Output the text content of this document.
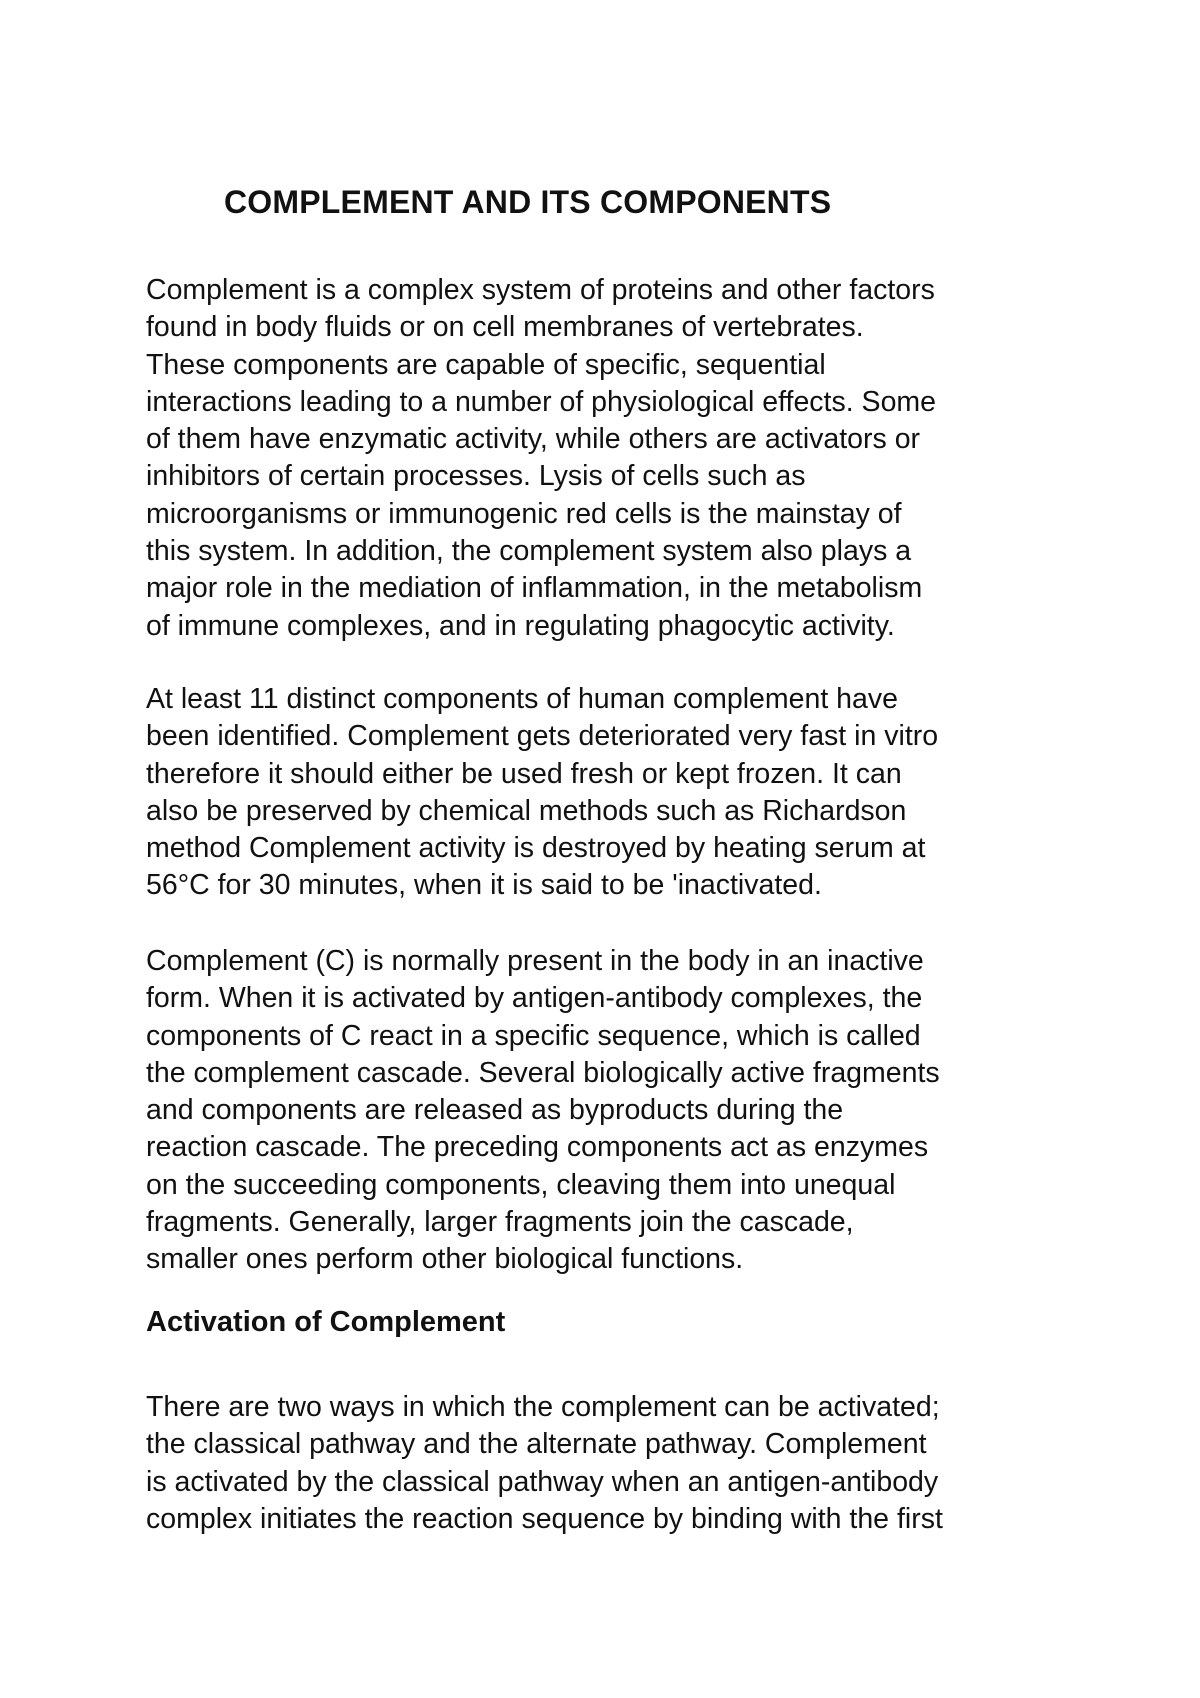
COMPLEMENT AND ITS COMPONENTS

Complement is a complex system of proteins and other factors
found in body fluids or on cell membranes of vertebrates.
These components are capable of specific, sequential
interactions leading to a number of physiological effects. Some
of them have enzymatic activity, while others are activators or
inhibitors of certain processes. Lysis of cells such as
microorganisms or immunogenic red cells is the mainstay of
this system. In addition, the complement system also plays a
major role in the mediation of inflammation, in the metabolism
of immune complexes, and in regulating phagocytic activity.

At least 11 distinct components of human complement have
been identified. Complement gets deteriorated very fast in vitro
therefore it should either be used fresh or kept frozen. It can
also be preserved by chemical methods such as Richardson
method Complement activity is destroyed by heating serum at
56°C for 30 minutes, when it is said to be 'inactivated.

Complement (C) is normally present in the body in an inactive
form. When it is activated by antigen-antibody complexes, the
components of C react in a specific sequence, which is called
the complement cascade. Several biologically active fragments
and components are released as byproducts during the
reaction cascade. The preceding components act as enzymes
on the succeeding components, cleaving them into unequal
fragments. Generally, larger fragments join the cascade,
smaller ones perform other biological functions.

Activation of Complement

There are two ways in which the complement can be activated;
the classical pathway and the alternate pathway. Complement
is activated by the classical pathway when an antigen-antibody
complex initiates the reaction sequence by binding with the first
